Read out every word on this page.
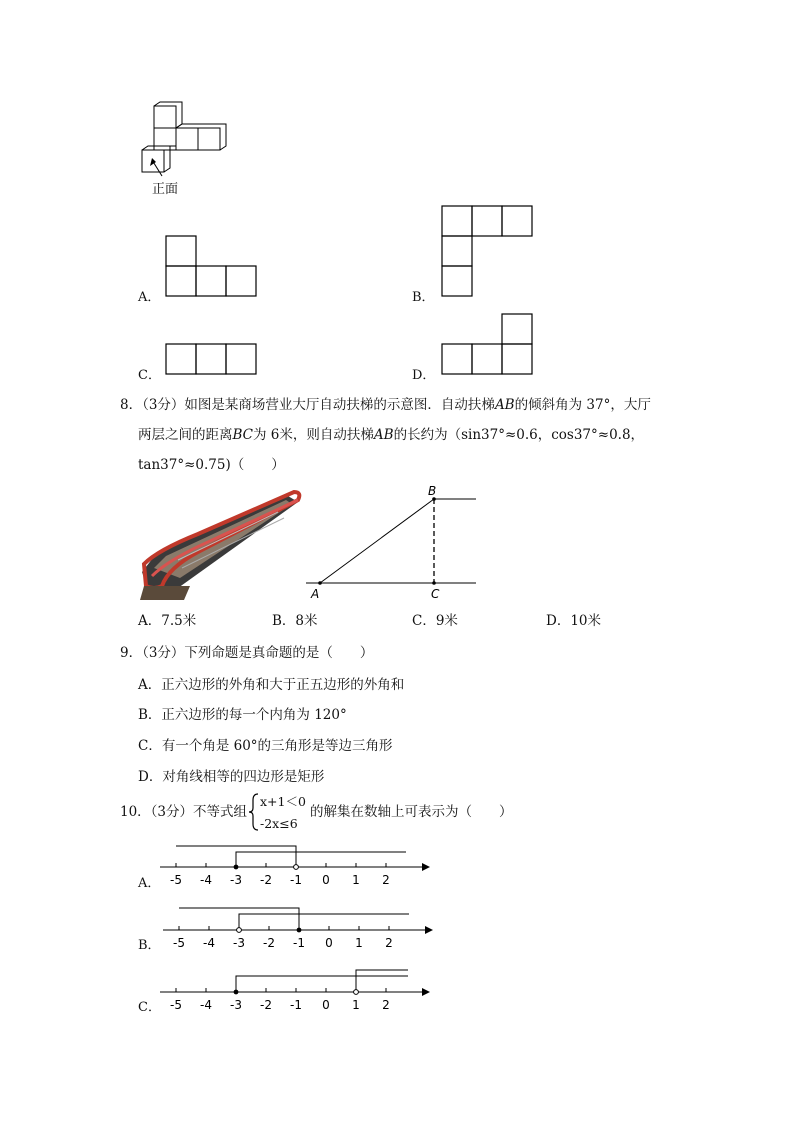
正面
A．	B．
C．	D．
8．（3分）如图是某商场营业大厅自动扶梯的示意图．自动扶梯AB的倾斜角为 37°，大厅
两层之间的距离BC为 6米，则自动扶梯AB的长约为（sin37°≈0.6，cos37°≈0.8，
tan37°≈0.75)（　　）
B
A	C
A．7.5米	B．8米	C．9米	D．10米
9．（3分）下列命题是真命题的是（　　）
A．正六边形的外角和大于正五边形的外角和
B．正六边形的每一个内角为 120°
C．有一个角是 60°的三角形是等边三角形
D．对角线相等的四边形是矩形
10．（3分）不等式组
x+1＜0
-2x≤6
的解集在数轴上可表示为（　　）
A． -5 -4 -3 -2 -1 0 1 2
B． -5 -4 -3 -2 -1 0 1 2
C． -5 -4 -3 -2 -1 0 1 2
